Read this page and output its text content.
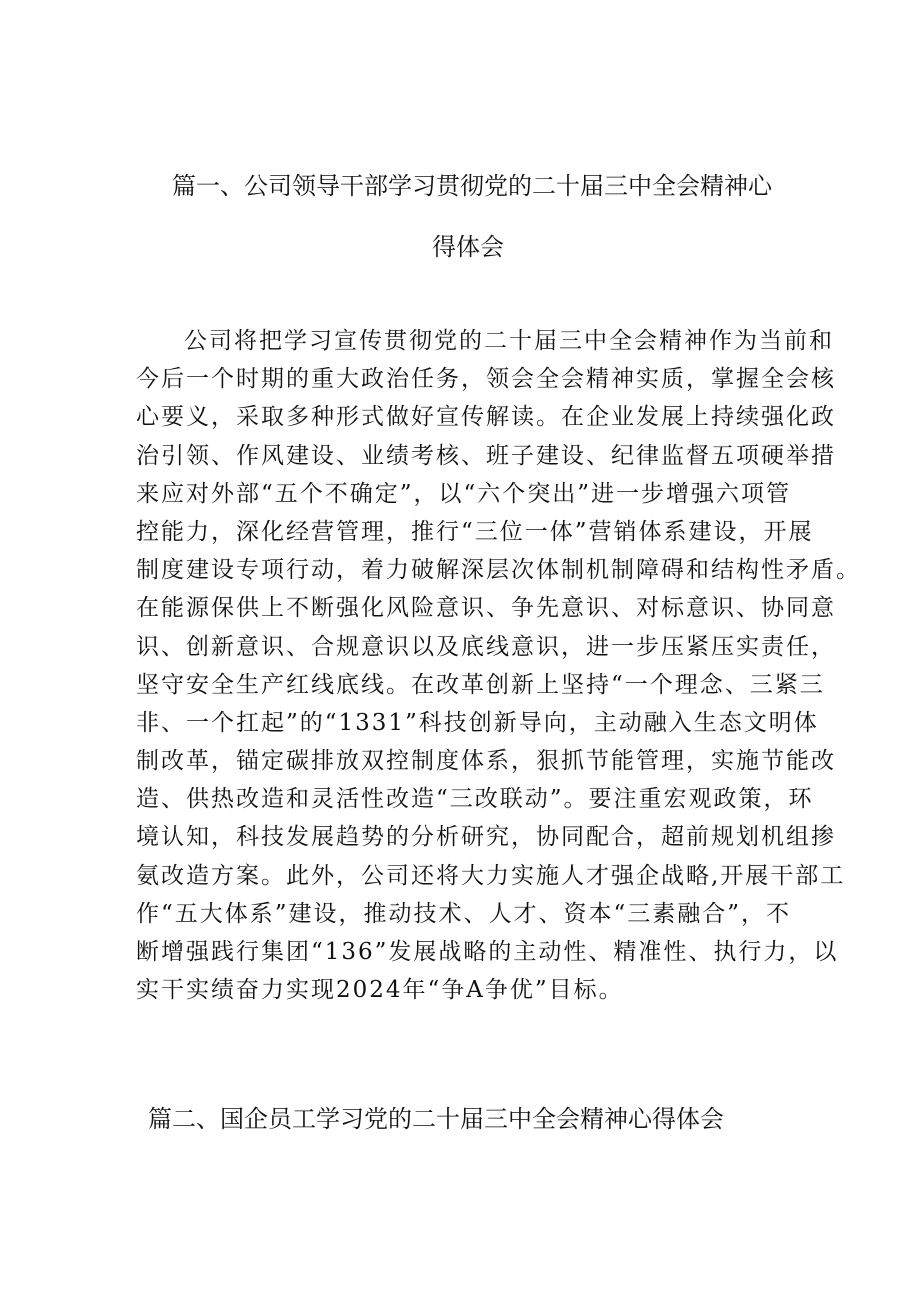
篇一、公司领导干部学习贯彻党的二十届三中全会精神心
得体会
公司将把学习宣传贯彻党的二十届三中全会精神作为当前和
今后一个时期的重大政治任务，领会全会精神实质，掌握全会核
心要义，采取多种形式做好宣传解读。在企业发展上持续强化政
治引领、作风建设、业绩考核、班子建设、纪律监督五项硬举措
来应对外部“五个不确定”，以“六个突出”进一步增强六项管
控能力，深化经营管理，推行“三位一体”营销体系建设，开展
制度建设专项行动，着力破解深层次体制机制障碍和结构性矛盾。
在能源保供上不断强化风险意识、争先意识、对标意识、协同意
识、创新意识、合规意识以及底线意识，进一步压紧压实责任，
坚守安全生产红线底线。在改革创新上坚持“一个理念、三紧三
非、一个扛起”的“1331”科技创新导向，主动融入生态文明体
制改革，锚定碳排放双控制度体系，狠抓节能管理，实施节能改
造、供热改造和灵活性改造“三改联动”。要注重宏观政策，环
境认知，科技发展趋势的分析研究，协同配合，超前规划机组掺
氨改造方案。此外，公司还将大力实施人才强企战略,开展干部工
作“五大体系”建设，推动技术、人才、资本“三素融合”，不
断增强践行集团“136”发展战略的主动性、精准性、执行力，以
实干实绩奋力实现2024年“争A争优”目标。
篇二、国企员工学习党的二十届三中全会精神心得体会
